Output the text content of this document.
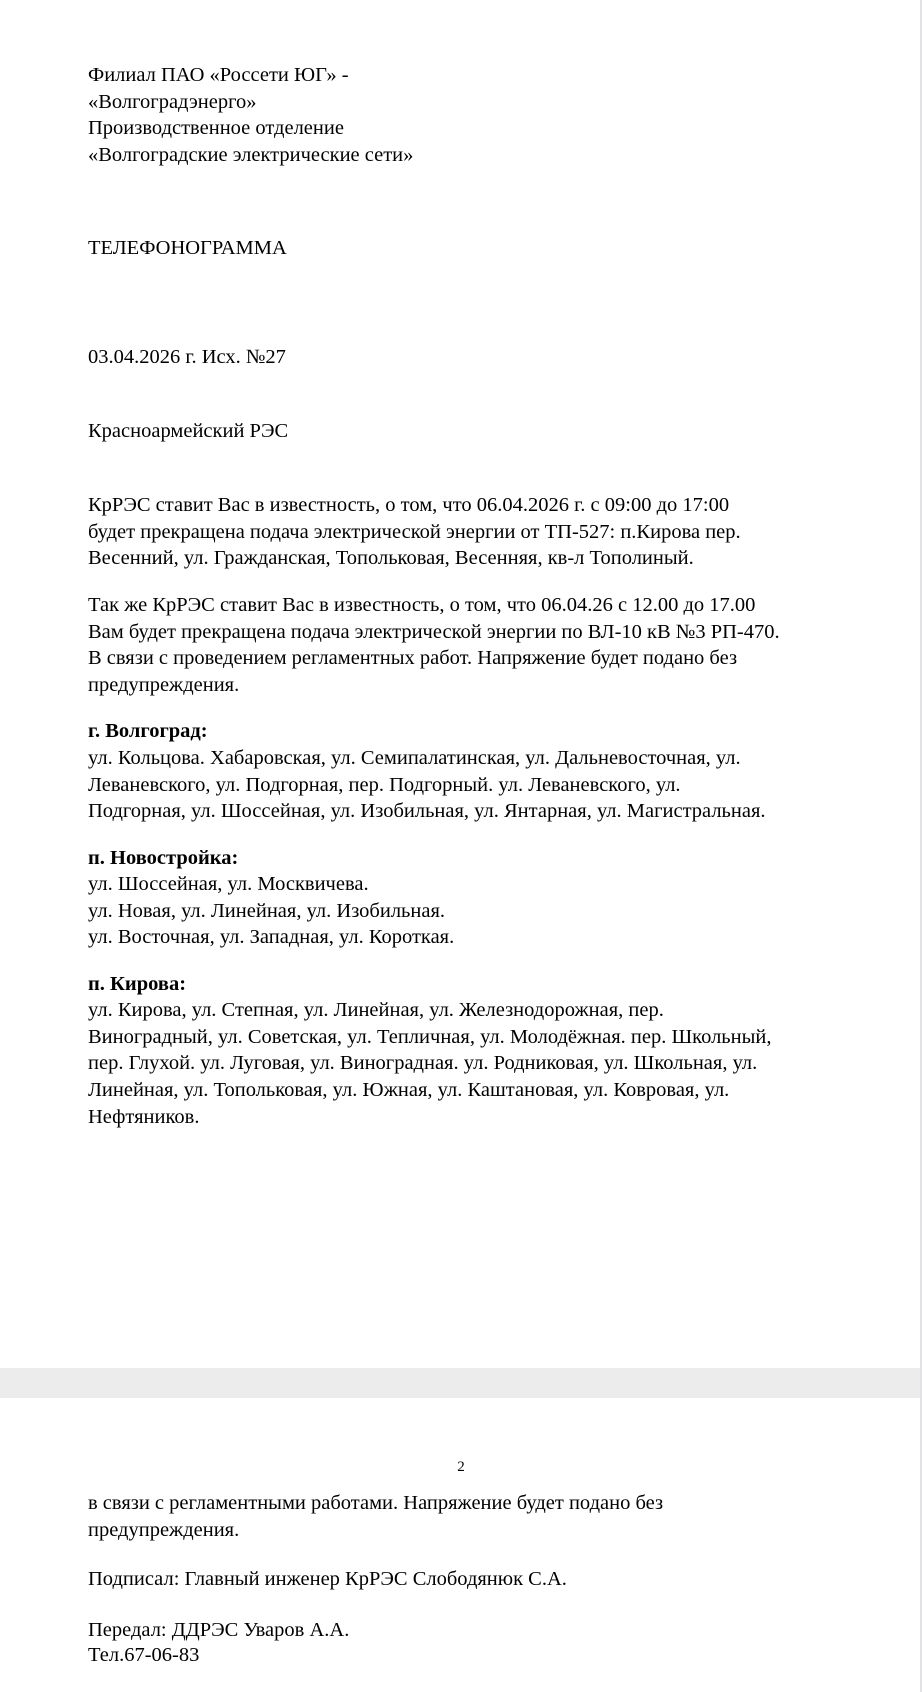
Филиал ПАО «Россети ЮГ» -
«Волгоградэнерго»
Производственное отделение
«Волгоградские электрические сети»
ТЕЛЕФОНОГРАММА
03.04.2026 г. Исх. №27
Красноармейский РЭС
КрРЭС ставит Вас в известность, о том, что 06.04.2026 г. с 09:00 до 17:00
будет прекращена подача электрической энергии от ТП-527: п.Кирова пер.
Весенний, ул. Гражданская, Топольковая, Весенняя, кв-л Тополиный.
Так же КрРЭС ставит Вас в известность, о том, что 06.04.26 с 12.00 до 17.00
Вам будет прекращена подача электрической энергии по ВЛ-10 кВ №3 РП-470.
В связи с проведением регламентных работ. Напряжение будет подано без
предупреждения.
г. Волгоград:
ул. Кольцова. Хабаровская, ул. Семипалатинская, ул. Дальневосточная, ул.
Леваневского, ул. Подгорная, пер. Подгорный. ул. Леваневского, ул.
Подгорная, ул. Шоссейная, ул. Изобильная, ул. Янтарная, ул. Магистральная.
п. Новостройка:
ул. Шоссейная, ул. Москвичева.
ул. Новая, ул. Линейная, ул. Изобильная.
ул. Восточная, ул. Западная, ул. Короткая.
п. Кирова:
ул. Кирова, ул. Степная, ул. Линейная, ул. Железнодорожная, пер.
Виноградный, ул. Советская, ул. Тепличная, ул. Молодёжная. пер. Школьный,
пер. Глухой. ул. Луговая, ул. Виноградная. ул. Родниковая, ул. Школьная, ул.
Линейная, ул. Топольковая, ул. Южная, ул. Каштановая, ул. Ковровая, ул.
Нефтяников.
2
в связи с регламентными работами. Напряжение будет подано без
предупреждения.
Подписал: Главный инженер КрРЭС Слободянюк С.А.
Передал: ДДРЭС Уваров А.А.
Тел.67-06-83
